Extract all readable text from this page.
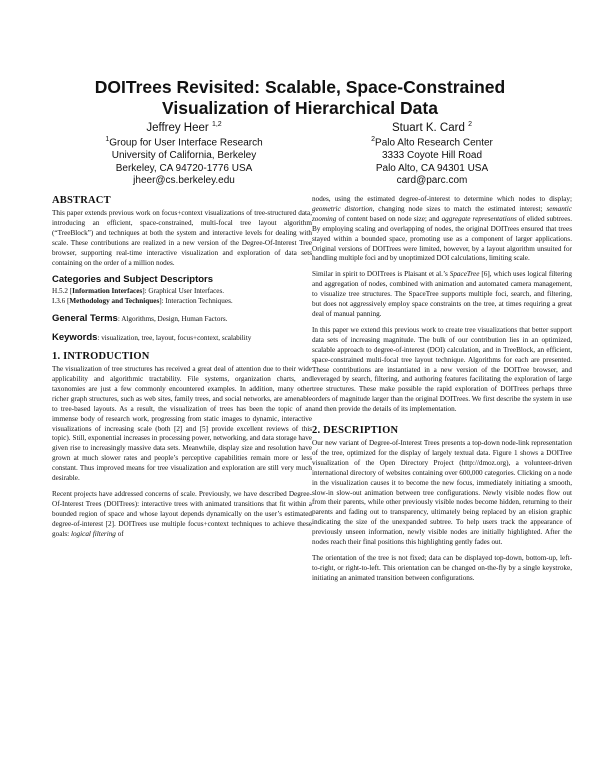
DOITrees Revisited: Scalable, Space-Constrained
Visualization of Hierarchical Data
Jeffrey Heer $^{1,2}$
$^1$Group for User Interface Research
University of California, Berkeley
Berkeley, CA 94720-1776 USA
jheer@cs.berkeley.edu
Stuart K. Card $^2$
$^2$Palo Alto Research Center
3333 Coyote Hill Road
Palo Alto, CA 94301 USA
card@parc.com
ABSTRACT

This paper extends previous work on focus+context visualizations of tree-structured data, introducing an efficient, space-constrained, multi-focal tree layout algorithm (“TreeBlock”) and techniques at both the system and interactive levels for dealing with scale. These contributions are realized in a new version of the Degree-Of-Interest Tree browser, supporting real-time interactive visualization and exploration of data sets containing on the order of a million nodes.

Categories and Subject Descriptors

H.5.2 [Information Interfaces]: Graphical User Interfaces.
I.3.6 [Methodology and Techniques]: Interaction Techniques.

General Terms: Algorithms, Design, Human Factors.

Keywords: visualization, tree, layout, focus+context, scalability

1. INTRODUCTION

The visualization of tree structures has received a great deal of attention due to their wide applicability and algorithmic tractability. File systems, organization charts, and taxonomies are just a few commonly encountered examples. In addition, many other richer graph structures, such as web sites, family trees, and social networks, are amenable to tree-based layouts. As a result, the visualization of trees has been the topic of an immense body of research work, progressing from static images to dynamic, interactive visualizations of increasing scale (both [2] and [5] provide excellent reviews of this topic). Still, exponential increases in processing power, networking, and data storage have given rise to increasingly massive data sets. Meanwhile, display size and resolution have grown at much slower rates and people’s perceptive capabilities remain more or less constant. Thus improved means for tree visualization and exploration are still very much desirable.

Recent projects have addressed concerns of scale. Previously, we have described Degree-Of-Interest Trees (DOITrees): interactive trees with animated transitions that fit within a bounded region of space and whose layout depends dynamically on the user’s estimated degree-of-interest [2]. DOITrees use multiple focus+context techniques to achieve these goals: logical filtering of

nodes, using the estimated degree-of-interest to determine which nodes to display; geometric distortion, changing node sizes to match the estimated interest; semantic zooming of content based on node size; and aggregate representations of elided subtrees. By employing scaling and overlapping of nodes, the original DOITrees ensured that trees stayed within a bounded space, promoting use as a component of larger applications. Original versions of DOITrees were limited, however, by a layout algorithm unsuited for handling multiple foci and by unoptimized DOI calculations, limiting scale.

Similar in spirit to DOITrees is Plaisant et al.’s SpaceTree [6], which uses logical filtering and aggregation of nodes, combined with animation and automated camera management, to visualize tree structures. The SpaceTree supports multiple foci, search, and filtering, but does not aggressively employ space constraints on the tree, at times requiring a great deal of manual panning.

In this paper we extend this previous work to create tree visualizations that better support data sets of increasing magnitude. The bulk of our contribution lies in an optimized, scalable approach to degree-of-interest (DOI) calculation, and in TreeBlock, an efficient, space-constrained multi-focal tree layout technique. Algorithms for each are presented. These contributions are instantiated in a new version of the DOITree browser, and leveraged by search, filtering, and authoring features facilitating the exploration of large tree structures. These make possible the rapid exploration of DOITrees perhaps three orders of magnitude larger than the original DOITrees. We first describe the system in use and then provide the details of its implementation.

2. DESCRIPTION

Our new variant of Degree-of-Interest Trees presents a top-down node-link representation of the tree, optimized for the display of largely textual data. Figure 1 shows a DOITree visualization of the Open Directory Project (http://dmoz.org), a volunteer-driven international directory of websites containing over 600,000 categories. Clicking on a node in the visualization causes it to become the new focus, immediately initiating a smooth, slow-in slow-out animation between tree configurations. Newly visible nodes flow out from their parents, while other previously visible nodes become hidden, returning to their parents and fading out to transparency, ultimately being replaced by an elision graphic indicating the size of the unexpanded subtree. To help users track the appearance of previously unseen information, newly visible nodes are initially highlighted. After the nodes reach their final positions this highlighting gently fades out.

The orientation of the tree is not fixed; data can be displayed top-down, bottom-up, left-to-right, or right-to-left. This orientation can be changed on-the-fly by a single keystroke, initiating an animated transition between configurations.
